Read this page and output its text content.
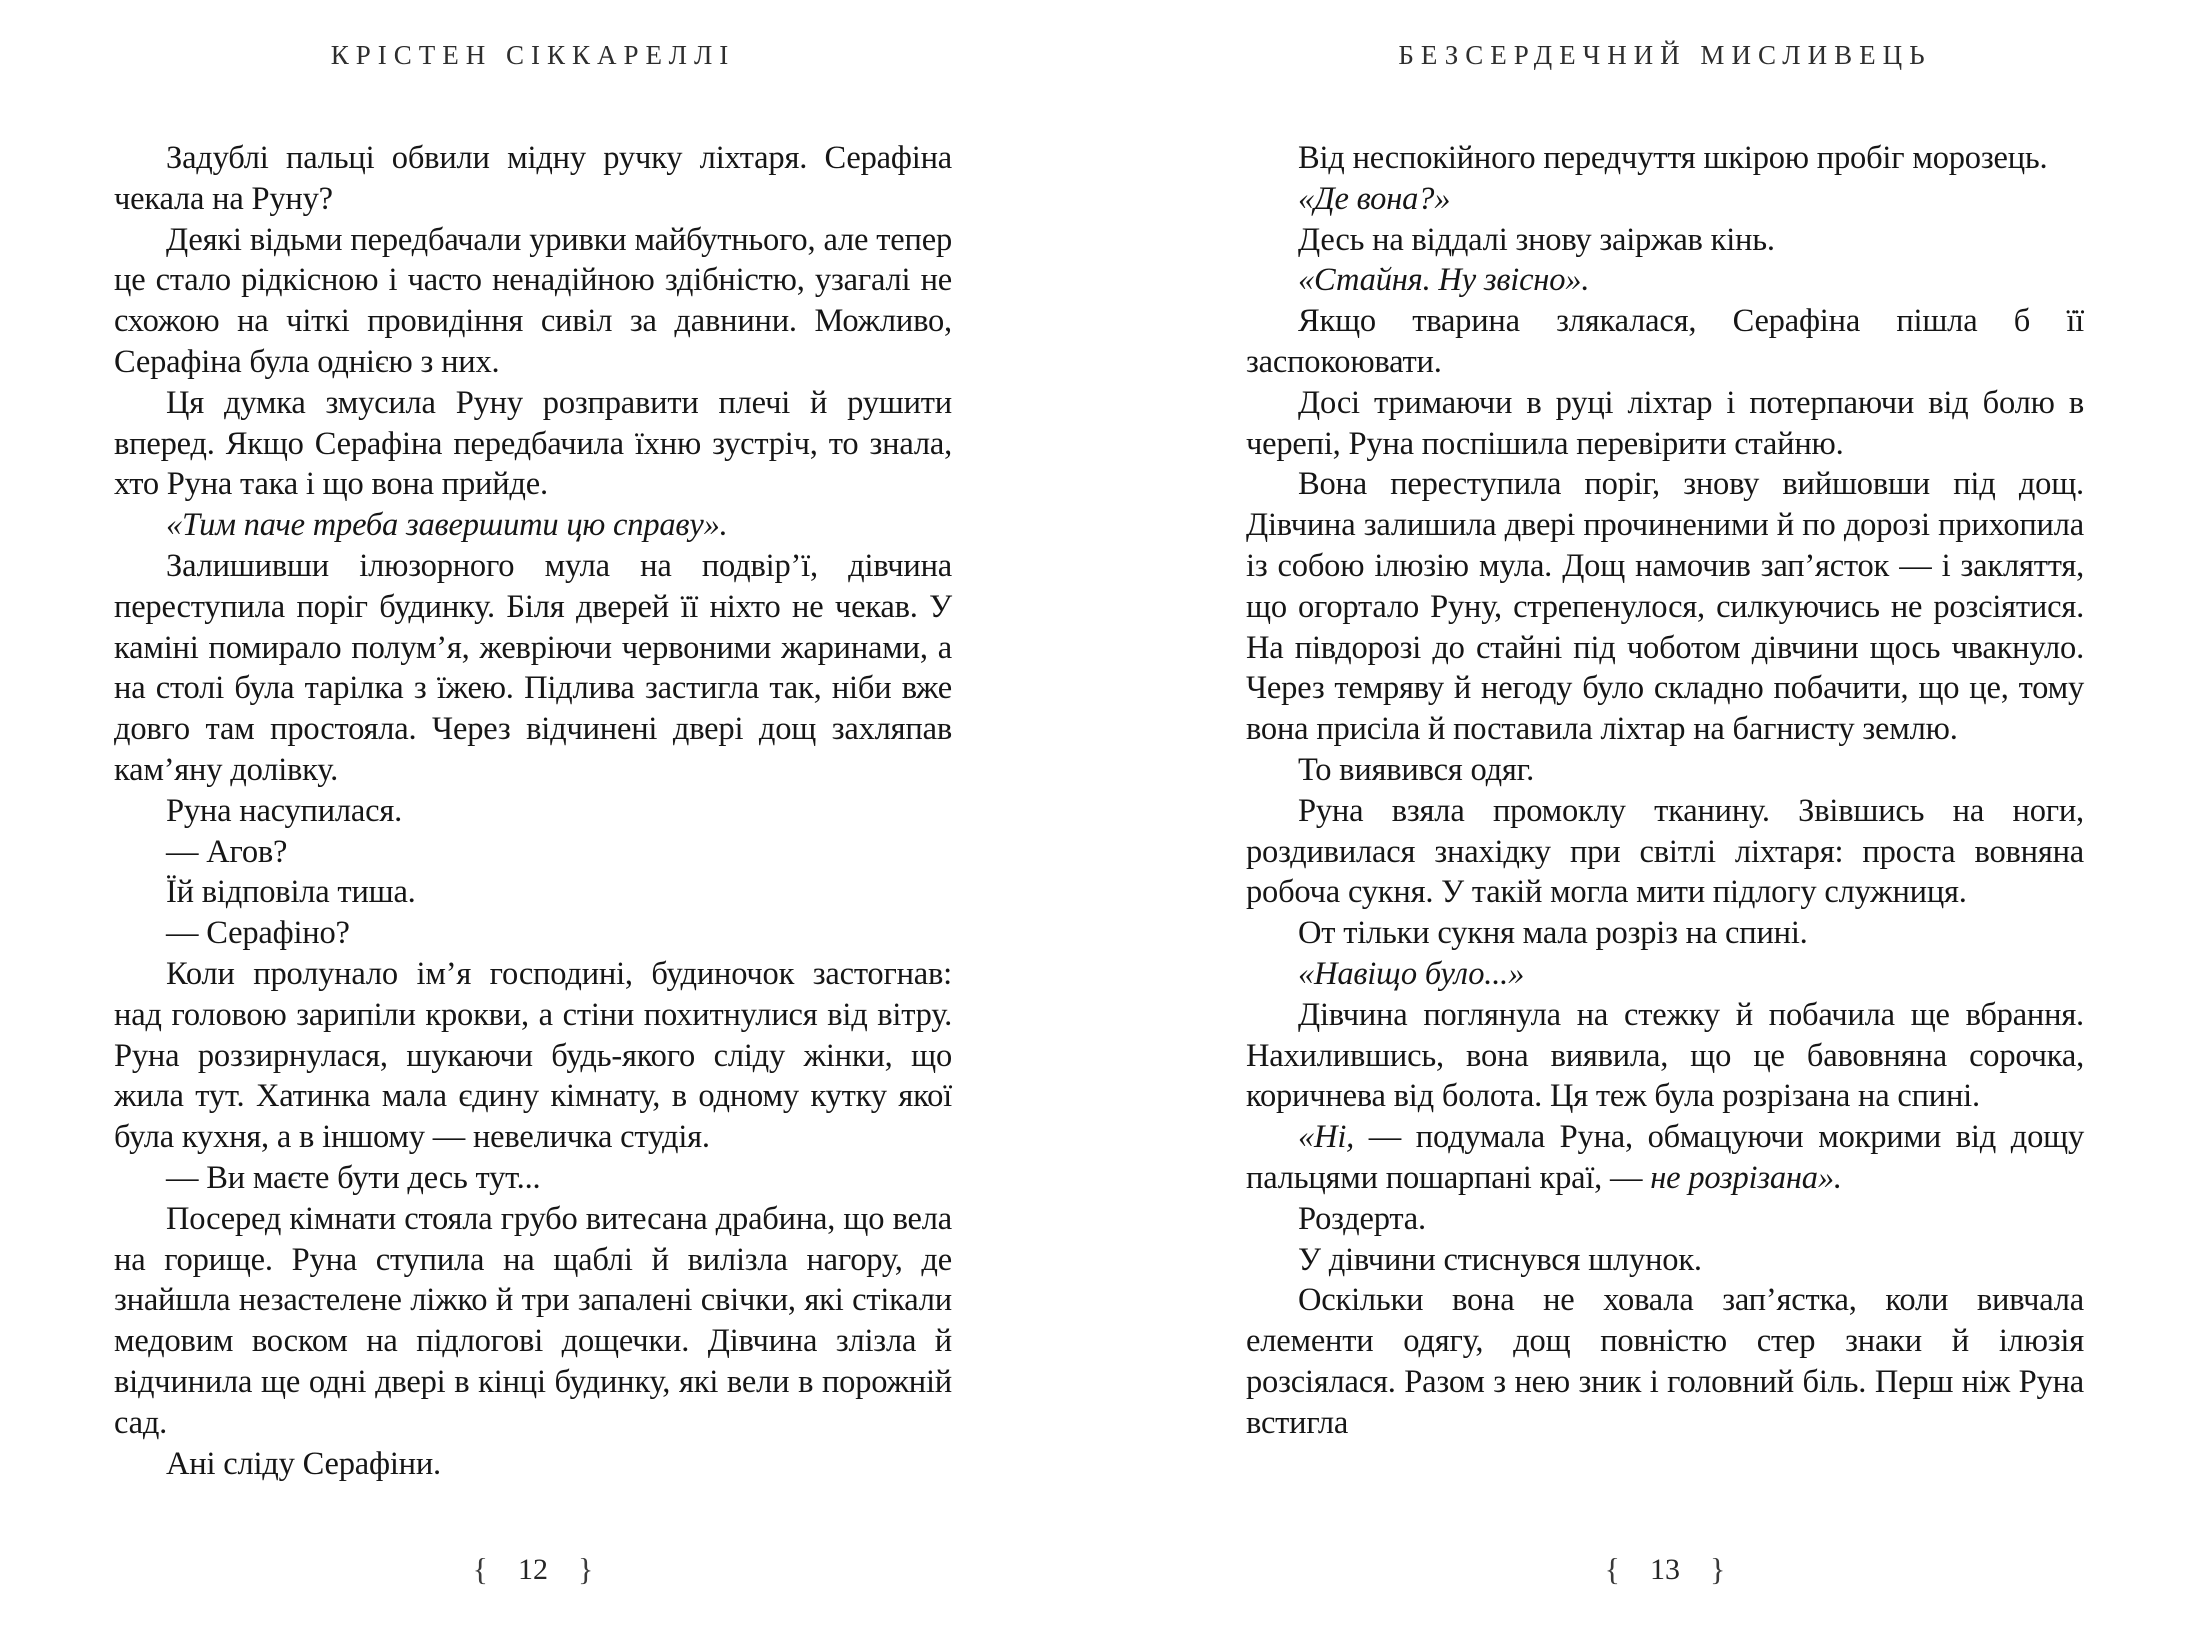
КРІСТЕН СІККАРЕЛЛІ

Задублі пальці обвили мідну ручку ліхтаря. Серафіна чекала на Руну?

Деякі відьми передбачали уривки майбутнього, але тепер це стало рідкісною і часто ненадійною здібністю, узагалі не схожою на чіткі провидіння сивіл за давнини. Можливо, Серафіна була однією з них.

Ця думка змусила Руну розправити плечі й рушити вперед. Якщо Серафіна передбачила їхню зустріч, то знала, хто Руна така і що вона прийде.

«Тим паче треба завершити цю справу».

Залишивши ілюзорного мула на подвір’ї, дівчина переступила поріг будинку. Біля дверей її ніхто не чекав. У каміні помирало полум’я, жевріючи червоними жаринами, а на столі була тарілка з їжею. Підлива застигла так, ніби вже довго там простояла. Через відчинені двері дощ захляпав кам’яну долівку.

Руна насупилася.

— Агов?

Їй відповіла тиша.

— Серафіно?

Коли пролунало ім’я господині, будиночок застогнав: над головою зарипіли крокви, а стіни похитнулися від вітру. Руна роззирнулася, шукаючи будь-якого сліду жінки, що жила тут. Хатинка мала єдину кімнату, в одному кутку якої була кухня, а в іншому — невеличка студія.

— Ви маєте бути десь тут...

Посеред кімнати стояла грубо витесана драбина, що вела на горище. Руна ступила на щаблі й вилізла нагору, де знайшла незастелене ліжко й три запалені свічки, які стікали медовим воском на підлогові дощечки. Дівчина злізла й відчинила ще одні двері в кінці будинку, які вели в порожній сад.

Ані сліду Серафіни.

{ 12 }
БЕЗСЕРДЕЧНИЙ МИСЛИВЕЦЬ

Від неспокійного передчуття шкірою пробіг морозець.

«Де вона?»

Десь на віддалі знову заіржав кінь.

«Стайня. Ну звісно».

Якщо тварина злякалася, Серафіна пішла б її заспокоювати.

Досі тримаючи в руці ліхтар і потерпаючи від болю в черепі, Руна поспішила перевірити стайню.

Вона переступила поріг, знову вийшовши під дощ. Дівчина залишила двері прочиненими й по дорозі прихопила із собою ілюзію мула. Дощ намочив зап’ясток — і закляття, що огортало Руну, стрепенулося, силкуючись не розсіятися. На півдорозі до стайні під чоботом дівчини щось чвакнуло. Через темряву й негоду було складно побачити, що це, тому вона присіла й поставила ліхтар на багнисту землю.

То виявився одяг.

Руна взяла промоклу тканину. Звівшись на ноги, роздивилася знахідку при світлі ліхтаря: проста вовняна робоча сукня. У такій могла мити підлогу служниця.

От тільки сукня мала розріз на спині.

«Навіщо було...»

Дівчина поглянула на стежку й побачила ще вбрання. Нахилившись, вона виявила, що це бавовняна сорочка, коричнева від болота. Ця теж була розрізана на спині.

«Ні, — подумала Руна, обмацуючи мокрими від дощу пальцями пошарпані краї, — не розрізана».

Роздерта.

У дівчини стиснувся шлунок.

Оскільки вона не ховала зап’ястка, коли вивчала елементи одягу, дощ повністю стер знаки й ілюзія розсіялася. Разом з нею зник і головний біль. Перш ніж Руна встигла

{ 13 }
